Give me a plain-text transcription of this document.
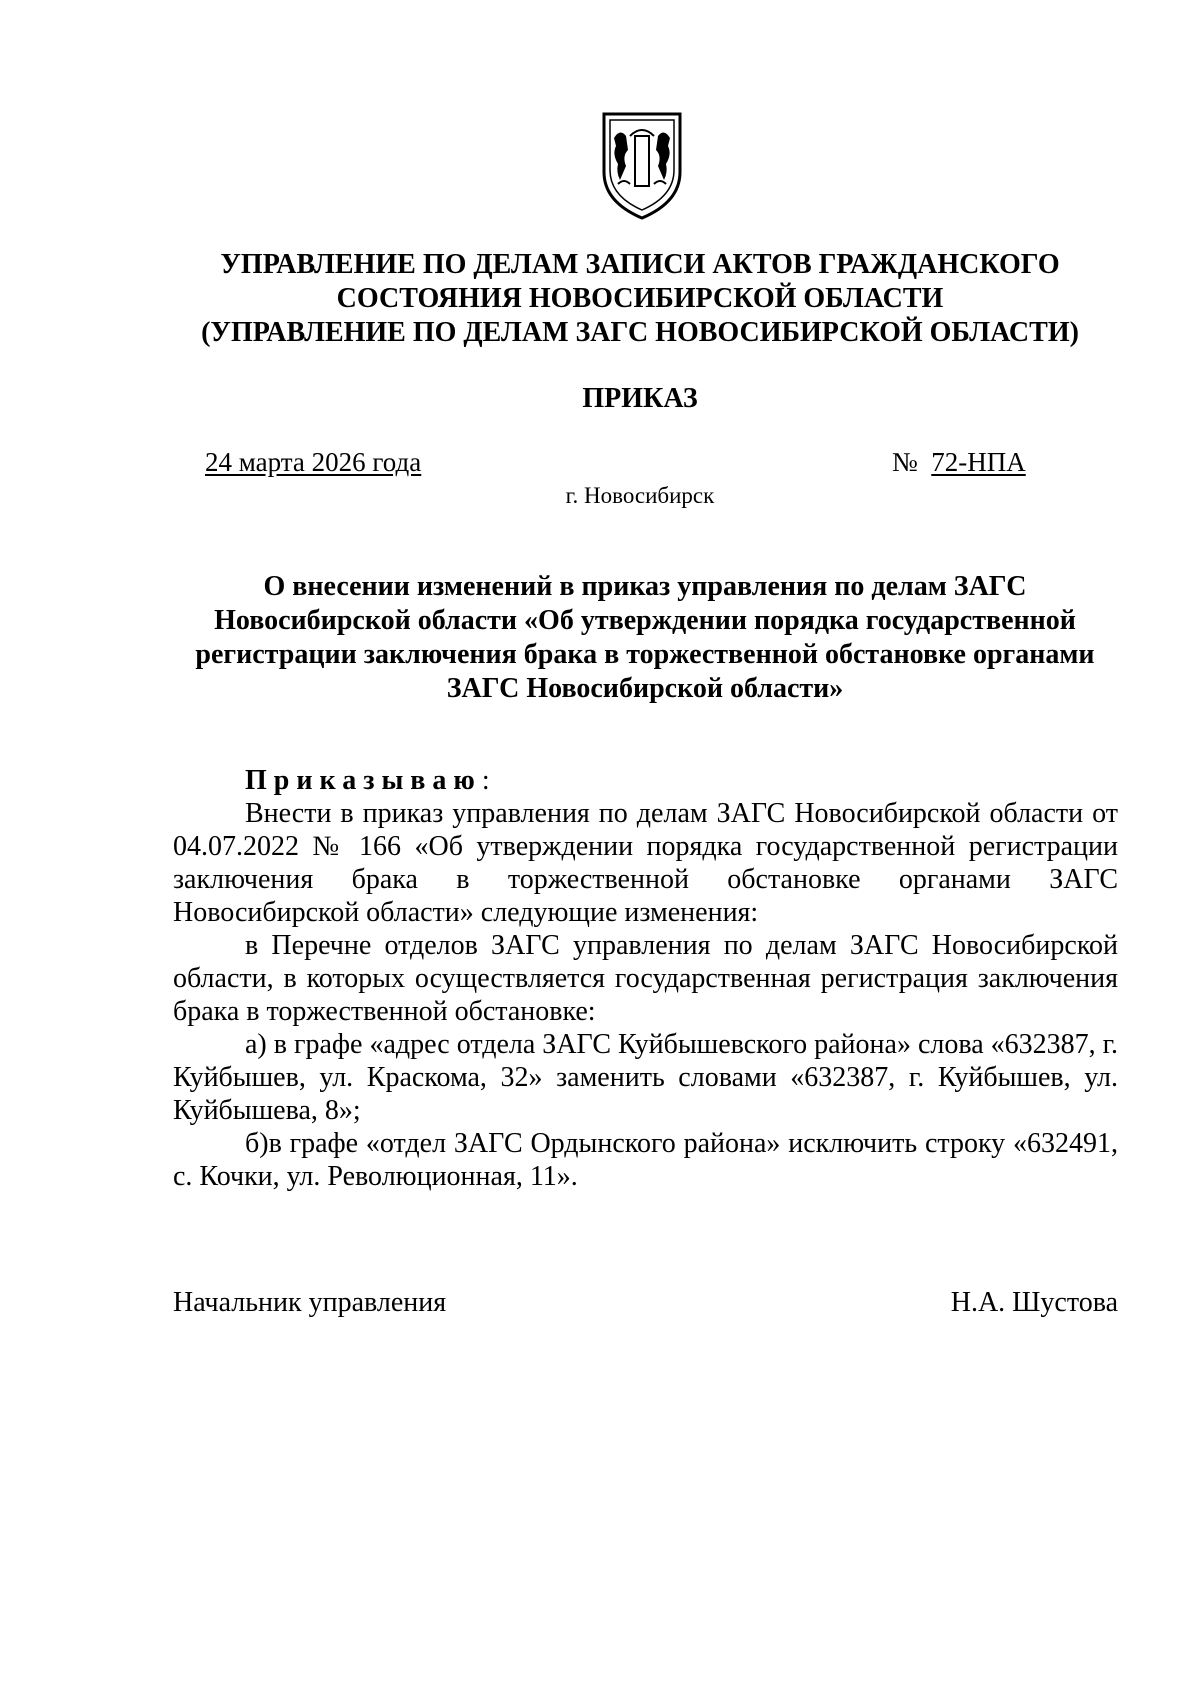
УПРАВЛЕНИЕ ПО ДЕЛАМ ЗАПИСИ АКТОВ ГРАЖДАНСКОГО
СОСТОЯНИЯ НОВОСИБИРСКОЙ ОБЛАСТИ
(УПРАВЛЕНИЕ ПО ДЕЛАМ ЗАГС НОВОСИБИРСКОЙ ОБЛАСТИ)
ПРИКАЗ
24 марта 2026 года	№ 72-НПА
г. Новосибирск
О внесении изменений в приказ управления по делам ЗАГС
Новосибирской области «Об утверждении порядка государственной
регистрации заключения брака в торжественной обстановке органами
ЗАГС Новосибирской области»

Приказываю:

Внести в приказ управления по делам ЗАГС Новосибирской области от 04.07.2022 № 166 «Об утверждении порядка государственной регистрации заключения брака в торжественной обстановке органами ЗАГС Новосибирской области» следующие изменения:

в Перечне отделов ЗАГС управления по делам ЗАГС Новосибирской области, в которых осуществляется государственная регистрация заключения брака в торжественной обстановке:

а) в графе «адрес отдела ЗАГС Куйбышевского района» слова «632387, г. Куйбышев, ул. Краскома, 32» заменить словами «632387, г. Куйбышев, ул. Куйбышева, 8»;

б)в графе «отдел ЗАГС Ордынского района» исключить строку «632491, с. Кочки, ул. Революционная, 11».

Начальник управления	Н.А. Шустова
